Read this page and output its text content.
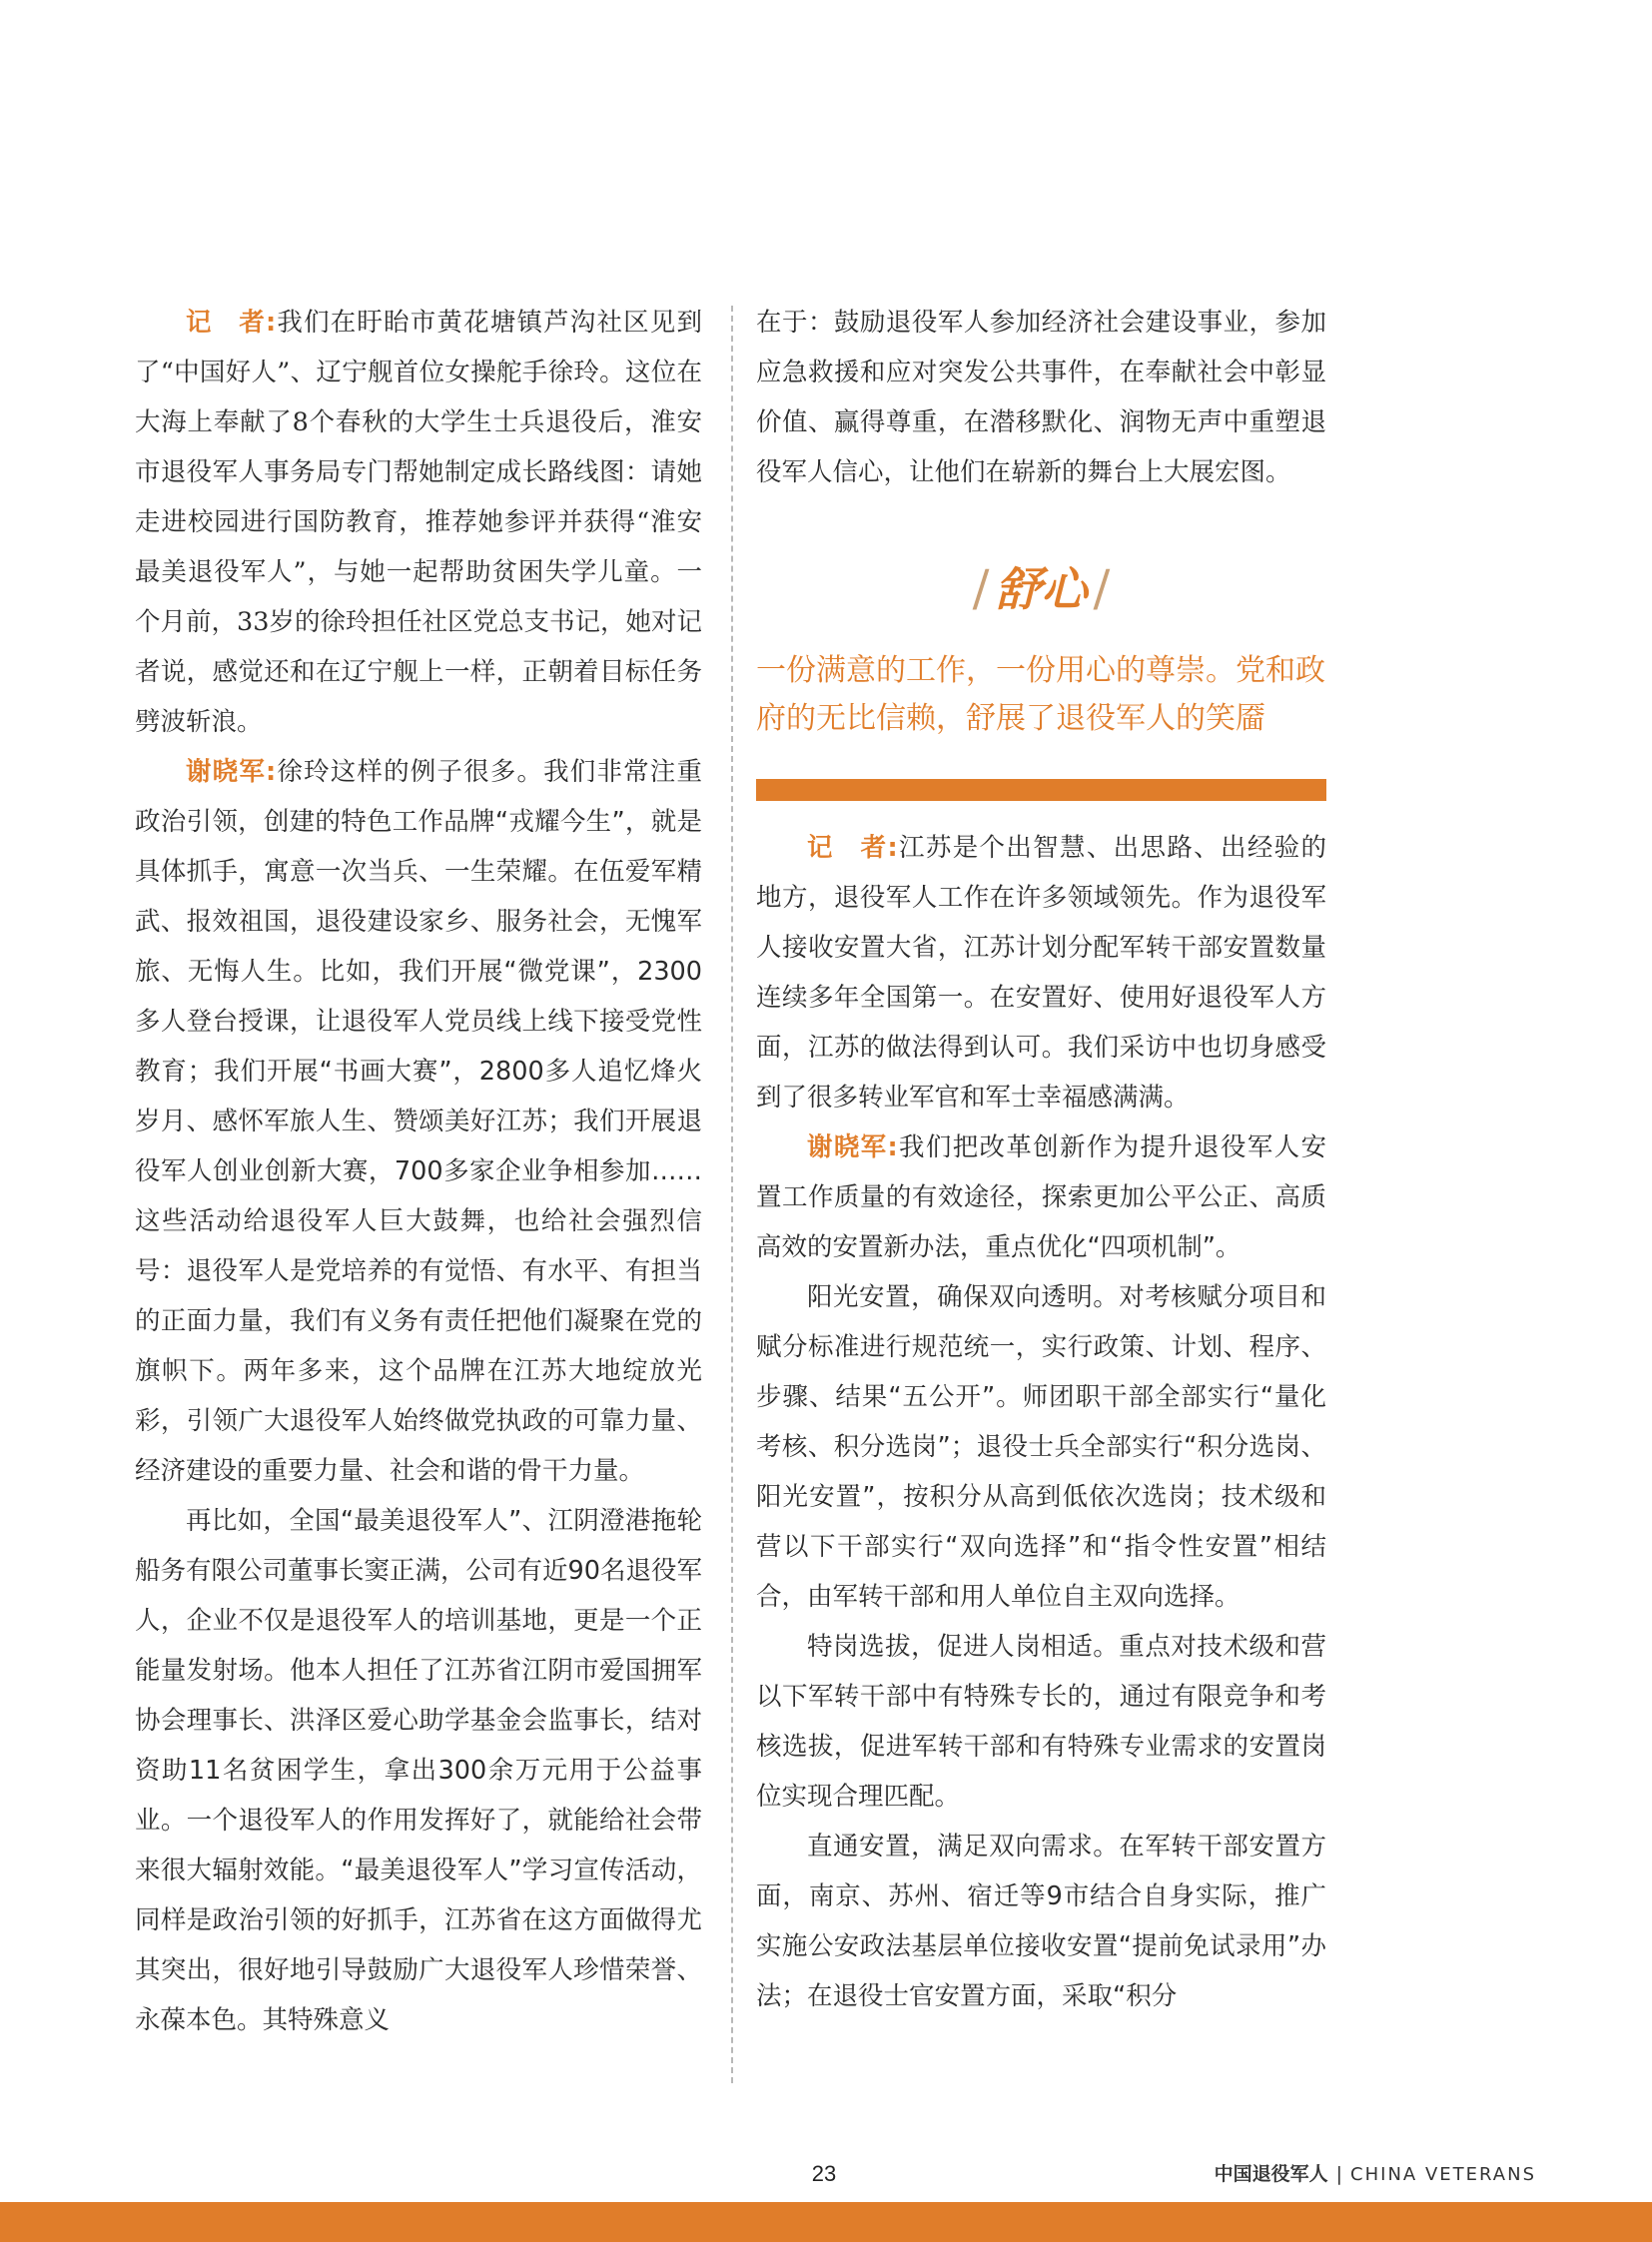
记　者:我们在盱眙市黄花塘镇芦沟社区见到了“中国好人”、辽宁舰首位女操舵手徐玲。这位在大海上奉献了8个春秋的大学生士兵退役后，淮安市退役军人事务局专门帮她制定成长路线图：请她走进校园进行国防教育，推荐她参评并获得“淮安最美退役军人”，与她一起帮助贫困失学儿童。一个月前，33岁的徐玲担任社区党总支书记，她对记者说，感觉还和在辽宁舰上一样，正朝着目标任务劈波斩浪。

谢晓军:徐玲这样的例子很多。我们非常注重政治引领，创建的特色工作品牌“戎耀今生”，就是具体抓手，寓意一次当兵、一生荣耀。在伍爱军精武、报效祖国，退役建设家乡、服务社会，无愧军旅、无悔人生。比如，我们开展“微党课”，2300多人登台授课，让退役军人党员线上线下接受党性教育；我们开展“书画大赛”，2800多人追忆烽火岁月、感怀军旅人生、赞颂美好江苏；我们开展退役军人创业创新大赛，700多家企业争相参加……这些活动给退役军人巨大鼓舞，也给社会强烈信号：退役军人是党培养的有觉悟、有水平、有担当的正面力量，我们有义务有责任把他们凝聚在党的旗帜下。两年多来，这个品牌在江苏大地绽放光彩，引领广大退役军人始终做党执政的可靠力量、经济建设的重要力量、社会和谐的骨干力量。

再比如，全国“最美退役军人”、江阴澄港拖轮船务有限公司董事长窦正满，公司有近90名退役军人，企业不仅是退役军人的培训基地，更是一个正能量发射场。他本人担任了江苏省江阴市爱国拥军协会理事长、洪泽区爱心助学基金会监事长，结对资助11名贫困学生，拿出300余万元用于公益事业。一个退役军人的作用发挥好了，就能给社会带来很大辐射效能。“最美退役军人”学习宣传活动，同样是政治引领的好抓手，江苏省在这方面做得尤其突出，很好地引导鼓励广大退役军人珍惜荣誉、永葆本色。其特殊意义

在于：鼓励退役军人参加经济社会建设事业，参加应急救援和应对突发公共事件，在奉献社会中彰显价值、赢得尊重，在潜移默化、润物无声中重塑退役军人信心，让他们在崭新的舞台上大展宏图。

/ 舒心 /

一份满意的工作，一份用心的尊崇。党和政府的无比信赖，舒展了退役军人的笑靥

记　者:江苏是个出智慧、出思路、出经验的地方，退役军人工作在许多领域领先。作为退役军人接收安置大省，江苏计划分配军转干部安置数量连续多年全国第一。在安置好、使用好退役军人方面，江苏的做法得到认可。我们采访中也切身感受到了很多转业军官和军士幸福感满满。

谢晓军:我们把改革创新作为提升退役军人安置工作质量的有效途径，探索更加公平公正、高质高效的安置新办法，重点优化“四项机制”。

阳光安置，确保双向透明。对考核赋分项目和赋分标准进行规范统一，实行政策、计划、程序、步骤、结果“五公开”。师团职干部全部实行“量化考核、积分选岗”；退役士兵全部实行“积分选岗、阳光安置”，按积分从高到低依次选岗；技术级和营以下干部实行“双向选择”和“指令性安置”相结合，由军转干部和用人单位自主双向选择。

特岗选拔，促进人岗相适。重点对技术级和营以下军转干部中有特殊专长的，通过有限竞争和考核选拔，促进军转干部和有特殊专业需求的安置岗位实现合理匹配。

直通安置，满足双向需求。在军转干部安置方面，南京、苏州、宿迁等9市结合自身实际，推广实施公安政法基层单位接收安置“提前免试录用”办法；在退役士官安置方面，采取“积分

23	中国退役军人 | CHINA VETERANS
